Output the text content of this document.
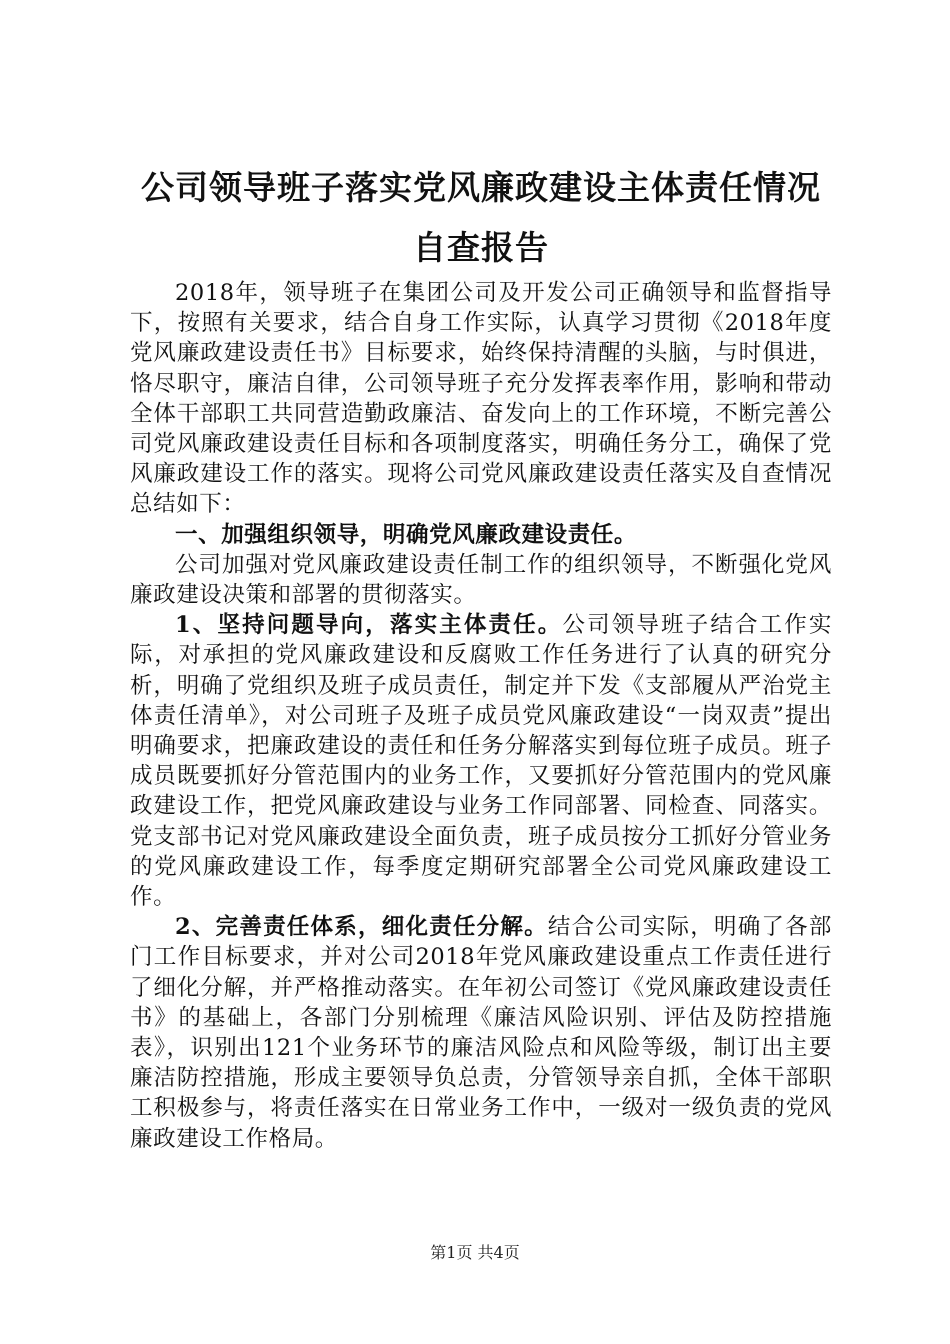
公司领导班子落实党风廉政建设主体责任情况
自查报告

2018年，领导班子在集团公司及开发公司正确领导和监督指导下，按照有关要求，结合自身工作实际，认真学习贯彻《2018年度党风廉政建设责任书》目标要求，始终保持清醒的头脑，与时俱进，恪尽职守，廉洁自律，公司领导班子充分发挥表率作用，影响和带动全体干部职工共同营造勤政廉洁、奋发向上的工作环境，不断完善公司党风廉政建设责任目标和各项制度落实，明确任务分工，确保了党风廉政建设工作的落实。现将公司党风廉政建设责任落实及自查情况总结如下：

一、加强组织领导，明确党风廉政建设责任。

公司加强对党风廉政建设责任制工作的组织领导，不断强化党风廉政建设决策和部署的贯彻落实。

1、坚持问题导向，落实主体责任。公司领导班子结合工作实际，对承担的党风廉政建设和反腐败工作任务进行了认真的研究分析，明确了党组织及班子成员责任，制定并下发《支部履从严治党主体责任清单》，对公司班子及班子成员党风廉政建设“一岗双责”提出明确要求，把廉政建设的责任和任务分解落实到每位班子成员。班子成员既要抓好分管范围内的业务工作，又要抓好分管范围内的党风廉政建设工作，把党风廉政建设与业务工作同部署、同检查、同落实。党支部书记对党风廉政建设全面负责，班子成员按分工抓好分管业务的党风廉政建设工作，每季度定期研究部署全公司党风廉政建设工作。

2、完善责任体系，细化责任分解。结合公司实际，明确了各部门工作目标要求，并对公司2018年党风廉政建设重点工作责任进行了细化分解，并严格推动落实。在年初公司签订《党风廉政建设责任书》的基础上，各部门分别梳理《廉洁风险识别、评估及防控措施表》，识别出121个业务环节的廉洁风险点和风险等级，制订出主要廉洁防控措施，形成主要领导负总责，分管领导亲自抓，全体干部职工积极参与，将责任落实在日常业务工作中，一级对一级负责的党风廉政建设工作格局。

第1页 共4页
